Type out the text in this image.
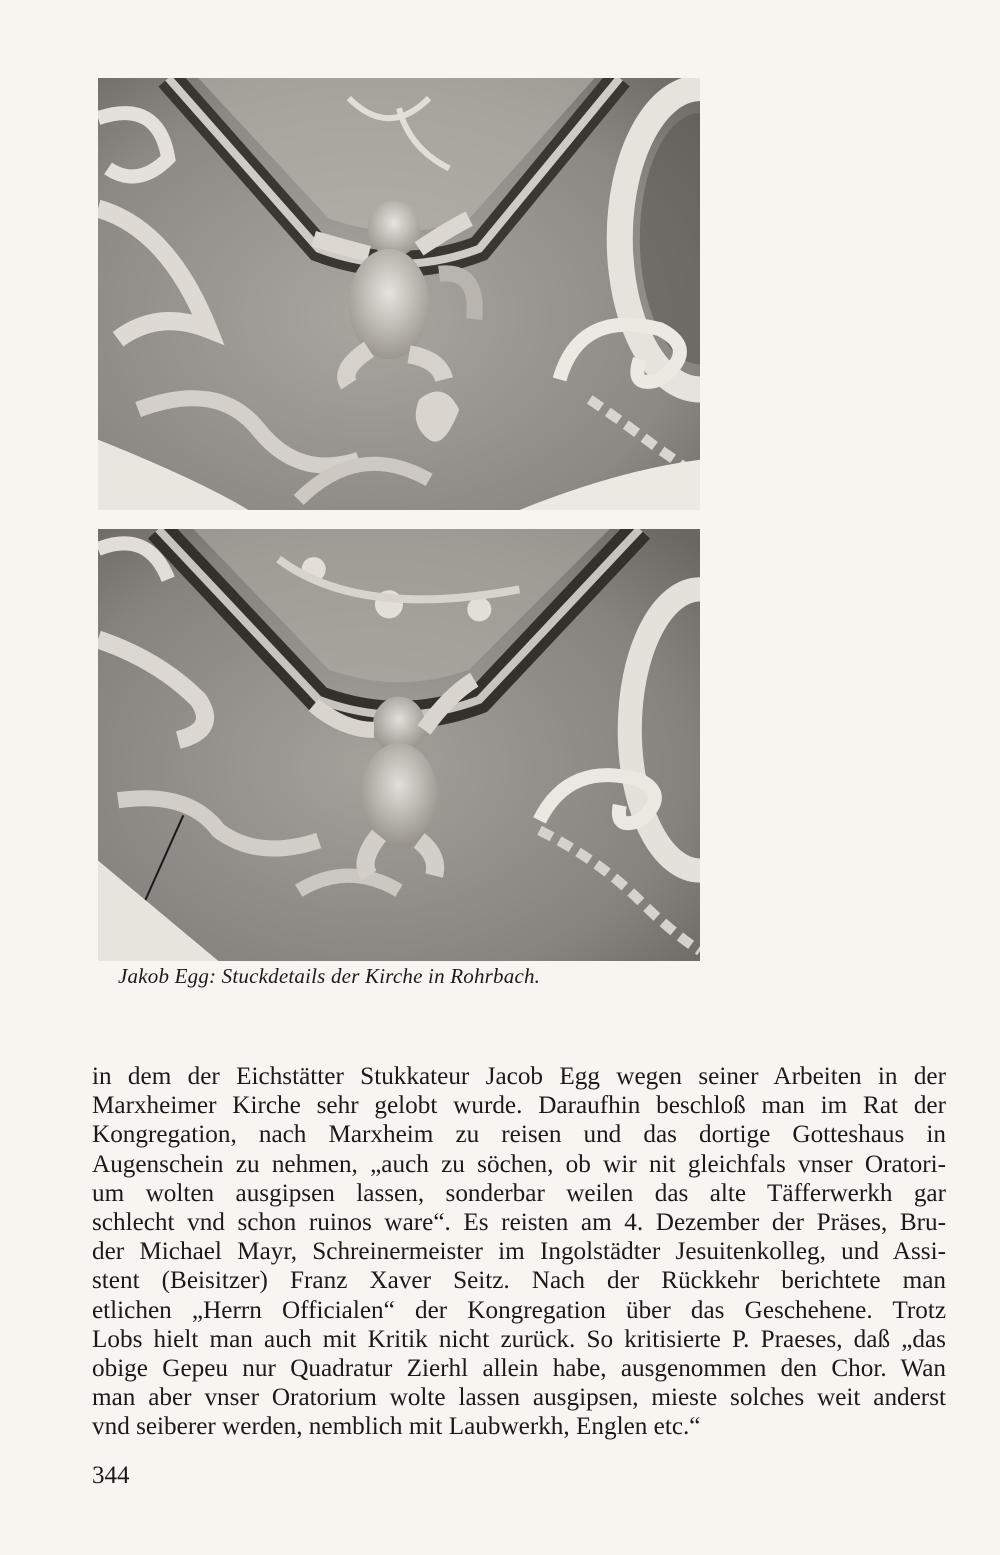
Jakob Egg: Stuckdetails der Kirche in Rohrbach.
in dem der Eichstätter Stukkateur Jacob Egg wegen seiner Arbeiten in der
Marxheimer Kirche sehr gelobt wurde. Daraufhin beschloß man im Rat der
Kongregation, nach Marxheim zu reisen und das dortige Gotteshaus in
Augenschein zu nehmen, „auch zu söchen, ob wir nit gleichfals vnser Oratori-
um wolten ausgipsen lassen, sonderbar weilen das alte Täfferwerkh gar
schlecht vnd schon ruinos ware“. Es reisten am 4. Dezember der Präses, Bru-
der Michael Mayr, Schreinermeister im Ingolstädter Jesuitenkolleg, und Assi-
stent (Beisitzer) Franz Xaver Seitz. Nach der Rückkehr berichtete man
etlichen „Herrn Officialen“ der Kongregation über das Geschehene. Trotz
Lobs hielt man auch mit Kritik nicht zurück. So kritisierte P. Praeses, daß „das
obige Gepeu nur Quadratur Zierhl allein habe, ausgenommen den Chor. Wan
man aber vnser Oratorium wolte lassen ausgipsen, mieste solches weit anderst
vnd seiberer werden, nemblich mit Laubwerkh, Englen etc.“
344
